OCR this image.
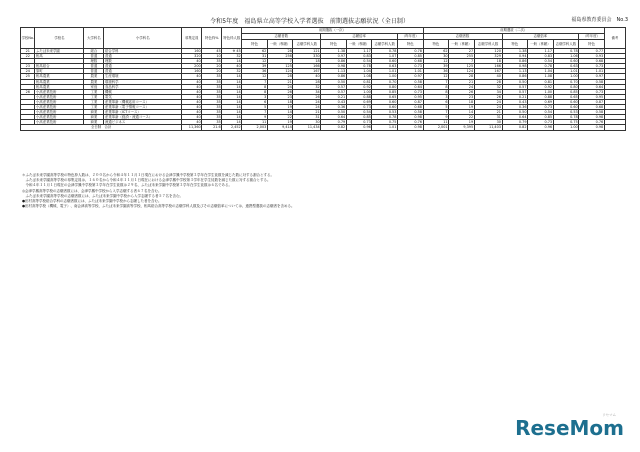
令和5年度　福島県立高等学校入学者選抜　前期選抜志願状況（全日制）	福島県教育委員会　No.3
学校No.	学校名	大学科名	小学科名	募集定員	特色枠%	特色枠人数	前期選抜（一次）							前期選抜（二次）							備考
							志願者数			志願倍率			（昨年度）	志願者数			志願倍率			（昨年度）	
							特色	一般（専願）	志願学科人数	特色	一般（専願）	志願学科人数	特色	特色	一般（専願）	志願学科人数	特色	一般（専願）	志願学科人数	特色	
21	ふたば未来学園	総合	総合学科	160	45	※ 45	62	28	121	1.38	1.17	0.78	0.78	62	27	120	1.38	1.17	0.78	0.77	
22	相馬	普通	普通	320	10	32	31	256	330	0.97	0.83	1.07	0.85	30	255	329	0.94	0.83	1.06	0.93	
		理数	理数	40	35	14	12	7	18	0.86	0.54	0.60	0.68	12	7	18	0.86	0.54	0.60	0.68	
23	相馬総合	普通	普通	200	20	40	39	125	166	0.98	0.78	0.63	0.73	39	125	166	0.98	0.78	0.63	0.73	
24	原町	普通	普通	160	20	32	36	124	167	1.13	1.04	1.01	1.01	36	124	167	1.13	1.04	1.01	1.01	
25	相馬農業	農業	生産環境	40	35	14	12	28	40	0.86	1.08	1.00	0.97	12	28	40	0.86	1.08	1.00	0.97	
	相馬農業	農業	環境科学	40	35	14	7	21	28	0.50	0.81	0.70	0.58	7	21	28	0.50	0.81	0.70	0.58	
	相馬農業	家庭	食品科学	40	35	14	8	24	32	0.57	0.92	0.80	0.64	8	24	32	0.57	0.92	0.80	0.64	
26	小高産業技術	工業	機械	40	35	14	8	26	34	0.57	1.00	0.85	0.73	8	26	34	0.57	1.00	0.85	0.73	
	小高産業技術	工業	電気	40	35	14	3	23	26	0.21	0.88	0.65	0.95	3	23	26	0.21	0.88	0.65	0.95	
	小高産業技術	工業	産業革新（機械応用コース）	40	35	14	6	18	24	0.43	0.69	0.60	0.87	6	18	24	0.43	0.69	0.60	0.87	
	小高産業技術	工業	産業革新（電子情報コース）	40	35	14	5	19	24	0.36	0.73	0.60	0.68	5	19	24	0.36	0.73	0.60	0.68	
	小高産業技術	商業	産業革新（ICTコース）	40	35	14	7	14	21	0.50	0.54	0.53	0.58	7	14	21	0.50	0.54	0.53	0.58	
	小高産業技術	商業	産業革新（経済・流通コース）	40	35	14	9	22	31	0.64	0.85	0.78	0.98	9	22	31	0.64	0.85	0.78	0.98	
	小高産業技術	商業	流通ビジネス	40	35	14	11	19	30	0.79	0.73	0.75	0.76	11	19	30	0.79	0.73	0.75	0.76	
全日制　合計				11,360	21.6	2,452	2,003	9,414	11,434	0.82	0.96	1.01	0.98	2,001	9,395	11,403	0.82	0.96	1.00	0.98	

＊ふたば未来学園高等学校の特色枠人数は、２００名から令和４年１１月１日現在における会津学鳳中学校第３学年在学生徒数を減じた数に対する割合とする。

　ふたば未来学園高等学校の募集定員は、１６０名から令和４年１１月１日現在における会津学鳳中学校第３学年在学生徒数を減じた数に対する割合とする。

　令和４年１１月１日現在の会津学鳳中学校第３学年在学生徒数は２９名、ふたば未来学園中学校第３学年在学生徒数は６名である。

◎会津学鳳高等学校の志願者数には、会津学鳳中学校から入学志願する者６７名を含む。

　ふたば未来学園高等学校の志願者数には、ふたば未来学園中学校から入学志願する者５７名を含む。

●田村高等学校総合学科の志願者数には、ふたば未来学園中学校から志願した者を含む。

●田村高等学校（機械、電子）、南会津高等学校、ふたば未来学園高等学校、相馬総合高等学校の志願学科人数及びその志願倍率については、連携型選抜の志願者を含める。

リセマム
ReseMom
